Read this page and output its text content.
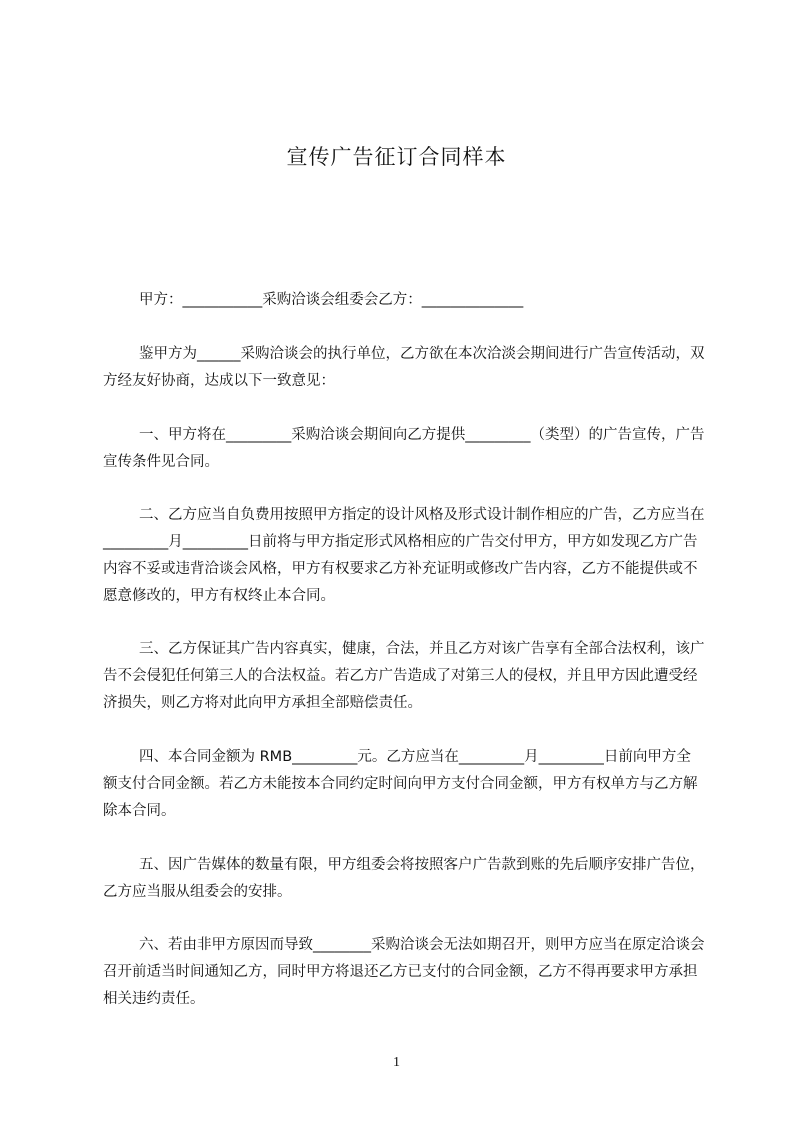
宣传广告征订合同样本
甲方：___________采购洽谈会组委会乙方：______________
鉴甲方为______采购洽谈会的执行单位，乙方欲在本次洽淡会期间进行广告宣传活动，双方经友好协商，达成以下一致意见：
一、甲方将在_________采购洽谈会期间向乙方提供_________（类型）的广告宣传，广告宣传条件见合同。
二、乙方应当自负费用按照甲方指定的设计风格及形式设计制作相应的广告，乙方应当在_________月_________日前将与甲方指定形式风格相应的广告交付甲方，甲方如发现乙方广告内容不妥或违背洽谈会风格，甲方有权要求乙方补充证明或修改广告内容，乙方不能提供或不愿意修改的，甲方有权终止本合同。
三、乙方保证其广告内容真实，健康，合法，并且乙方对该广告享有全部合法权利，该广告不会侵犯任何第三人的合法权益。若乙方广告造成了对第三人的侵权，并且甲方因此遭受经济损失，则乙方将对此向甲方承担全部赔偿责任。
四、本合同金额为 RMB_________元。乙方应当在_________月_________日前向甲方全额支付合同金额。若乙方未能按本合同约定时间向甲方支付合同金额，甲方有权单方与乙方解除本合同。
五、因广告媒体的数量有限，甲方组委会将按照客户广告款到账的先后顺序安排广告位，乙方应当服从组委会的安排。
六、若由非甲方原因而导致________采购洽谈会无法如期召开，则甲方应当在原定洽谈会召开前适当时间通知乙方，同时甲方将退还乙方已支付的合同金额，乙方不得再要求甲方承担相关违约责任。
1
